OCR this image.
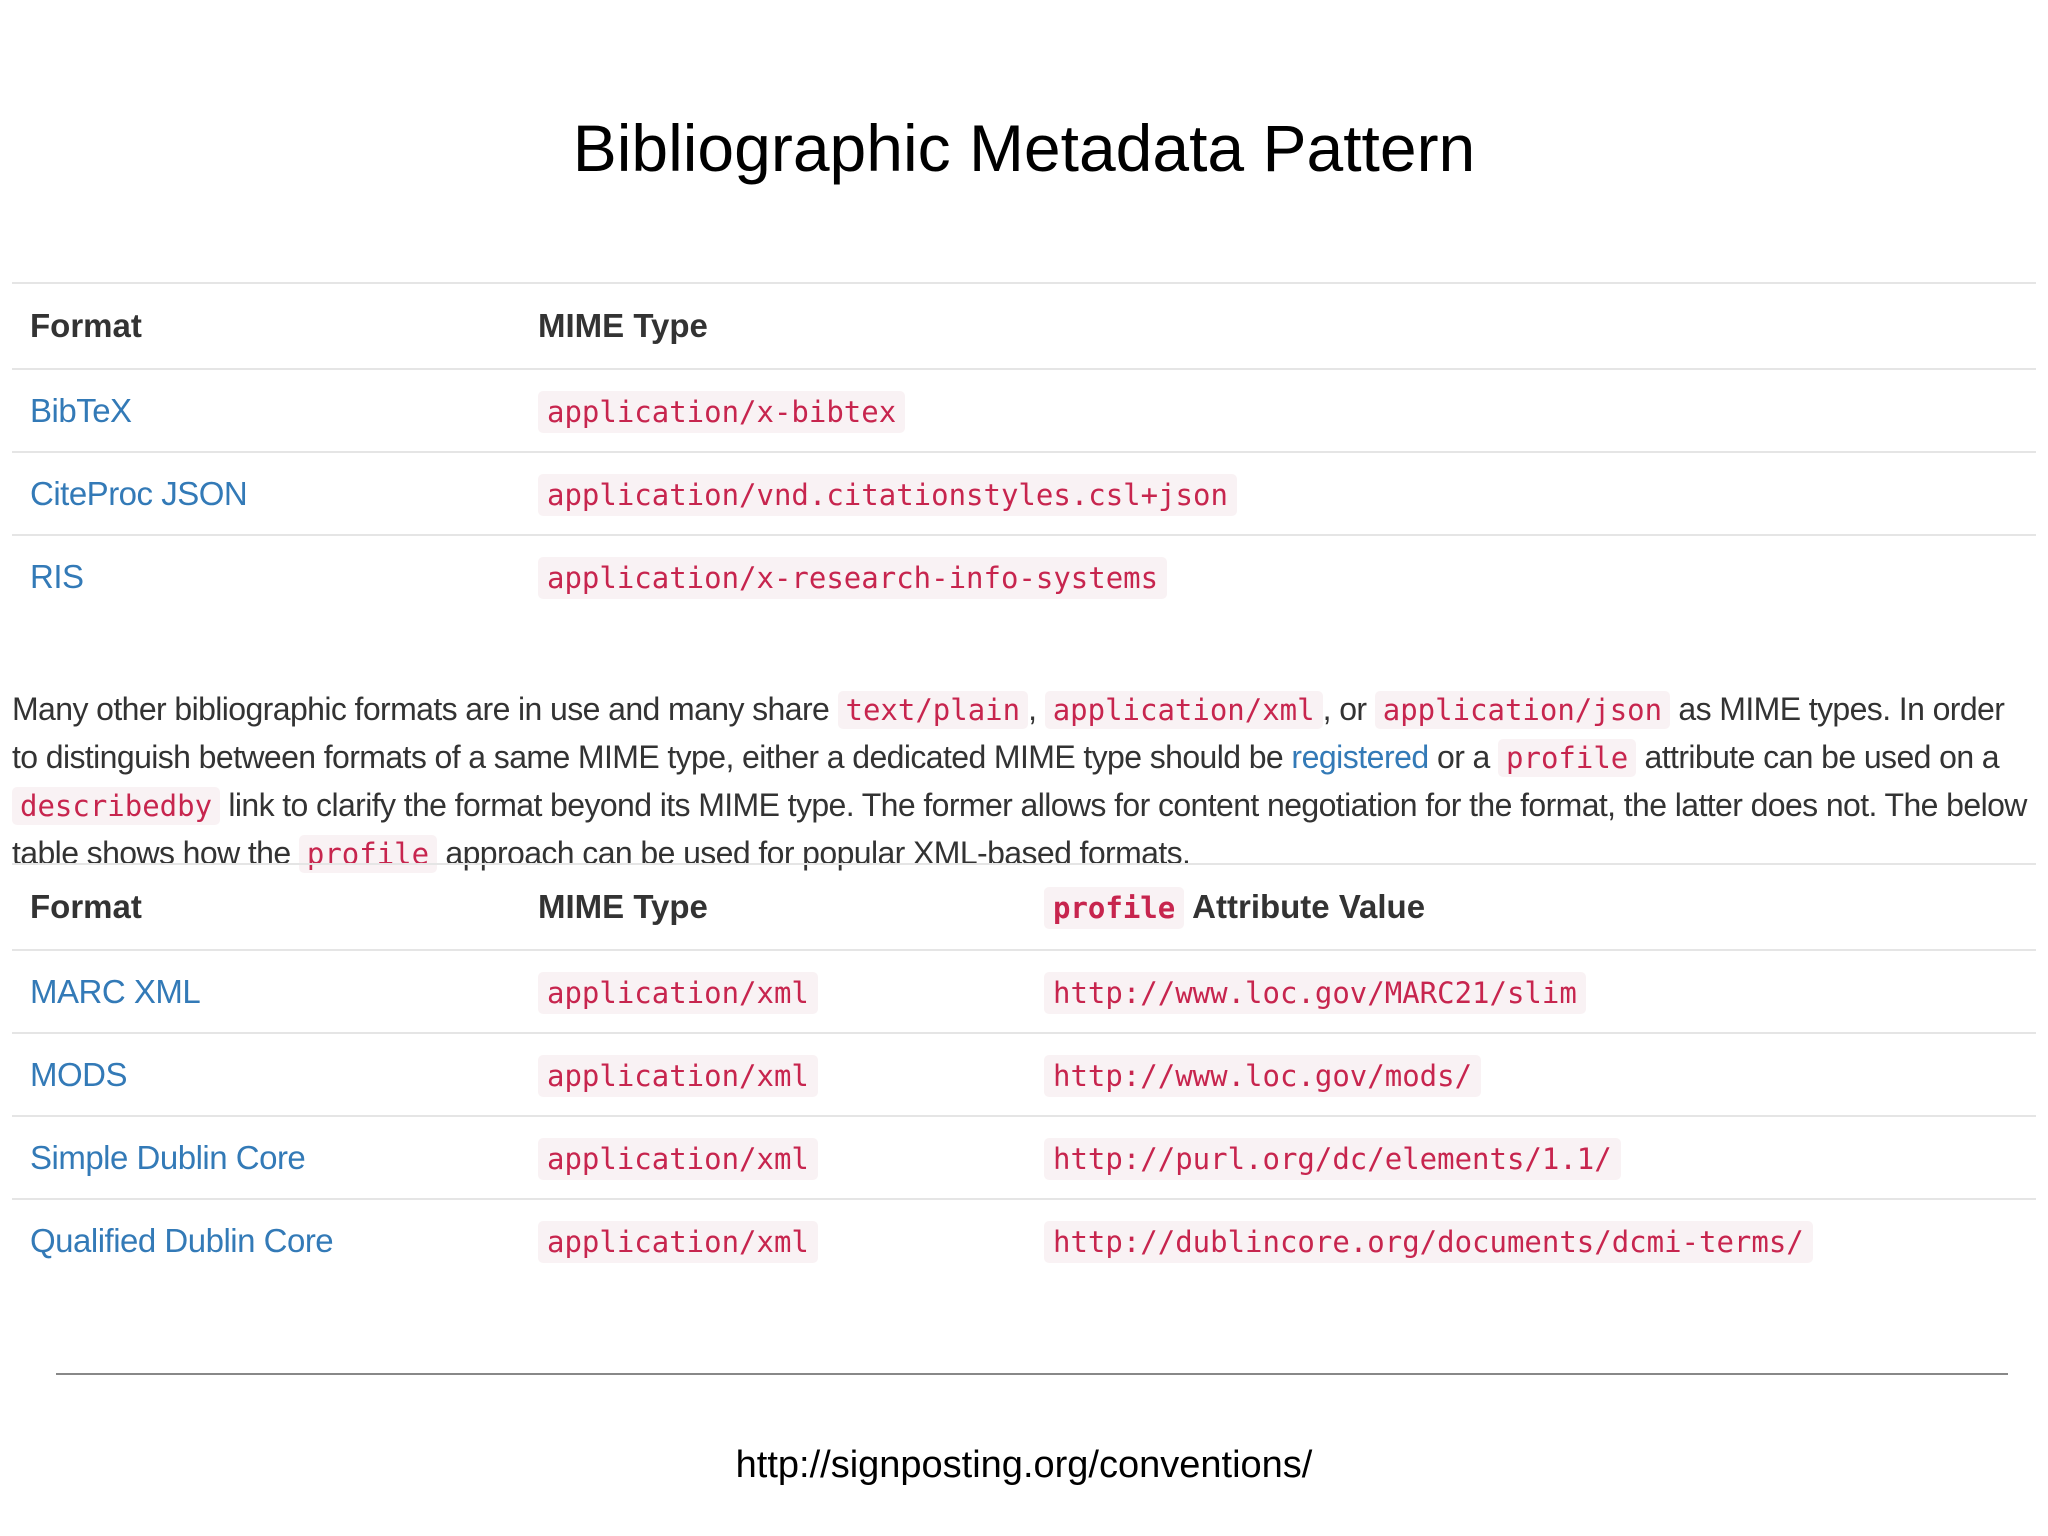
Bibliographic Metadata Pattern
Format	MIME Type
BibTeX	application/x-bibtex
CiteProc JSON	application/vnd.citationstyles.csl+json
RIS	application/x-research-info-systems

Many other bibliographic formats are in use and many share text/plain , application/xml , or application/json as MIME types. In order to distinguish between formats of a same MIME type, either a dedicated MIME type should be registered or a profile attribute can be used on a describedby link to clarify the format beyond its MIME type. The former allows for content negotiation for the format, the latter does not. The below table shows how the profile approach can be used for popular XML-based formats.

Format	MIME Type	profile Attribute Value
MARC XML	application/xml	http://www.loc.gov/MARC21/slim
MODS	application/xml	http://www.loc.gov/mods/
Simple Dublin Core	application/xml	http://purl.org/dc/elements/1.1/
Qualified Dublin Core	application/xml	http://dublincore.org/documents/dcmi-terms/
http://signposting.org/conventions/
